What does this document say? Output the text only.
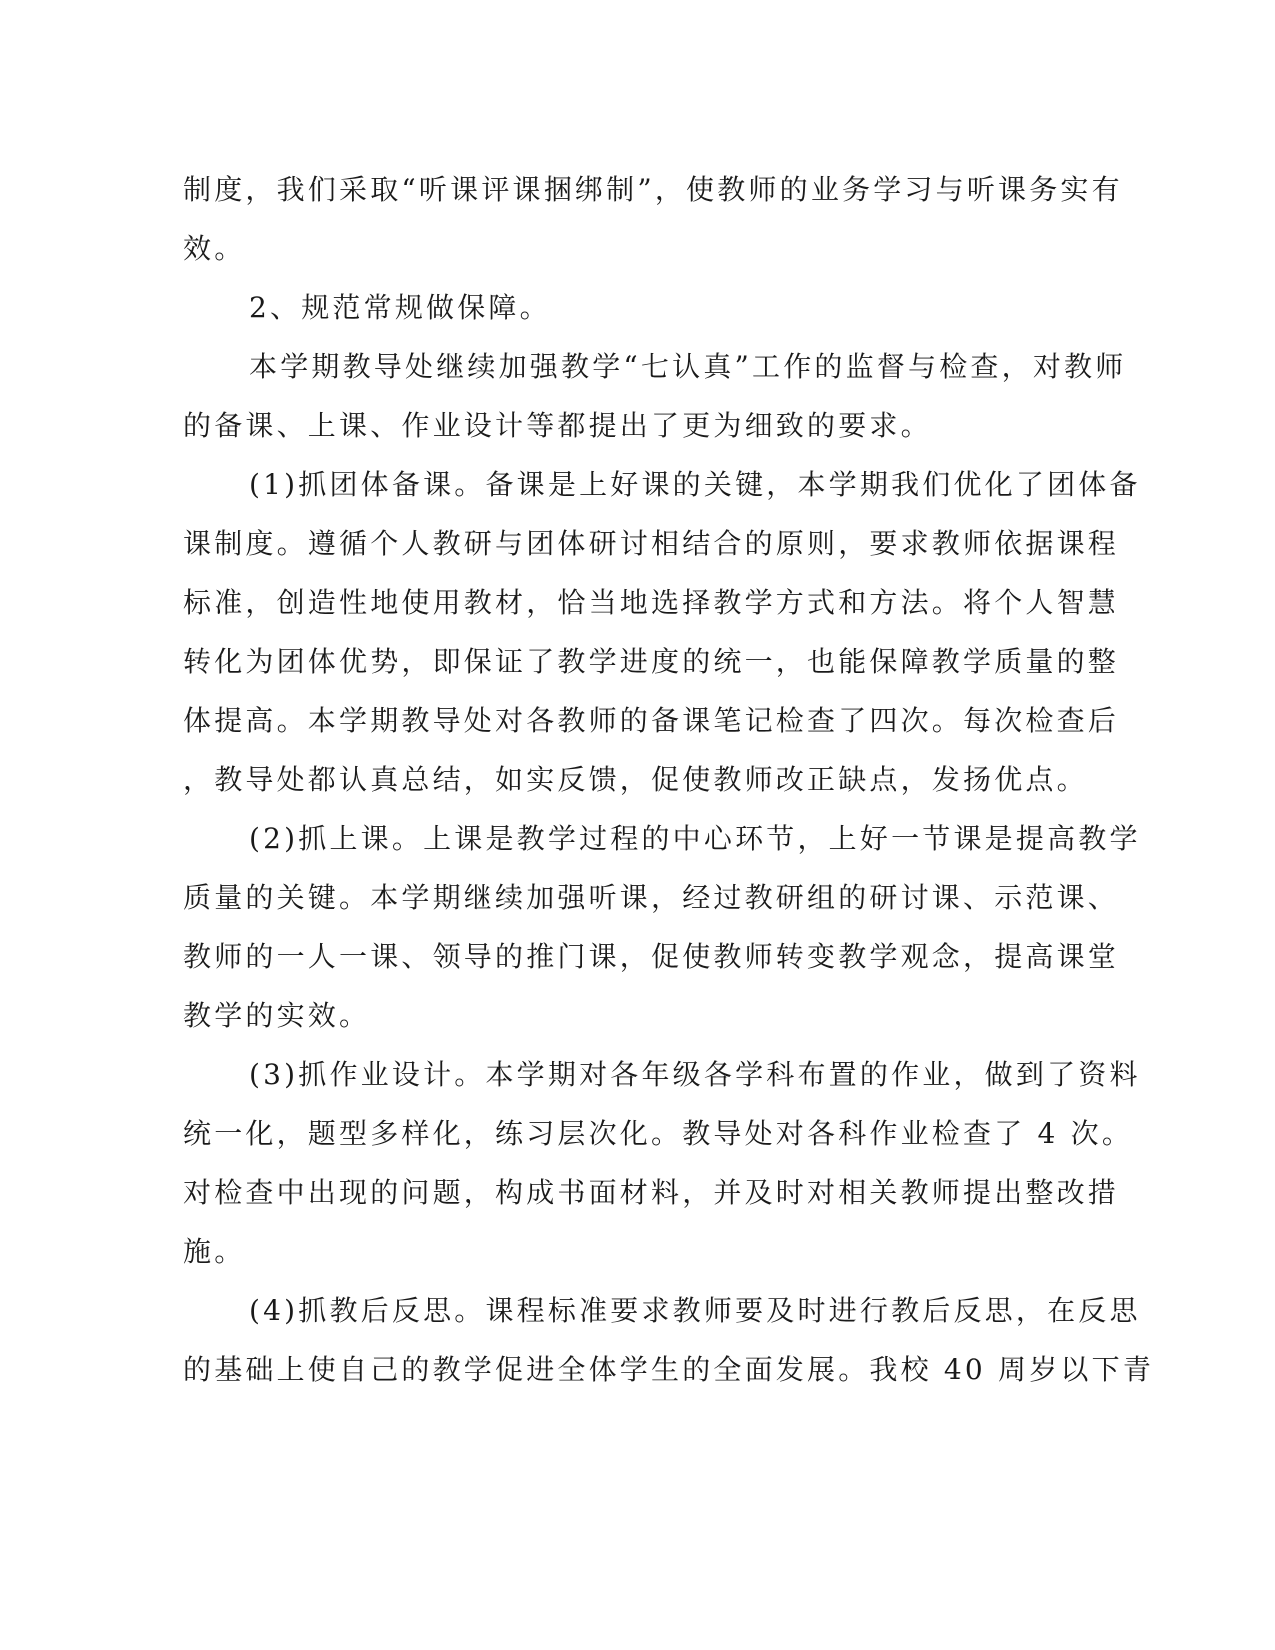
制度，我们采取“听课评课捆绑制”，使教师的业务学习与听课务实有
效。
2、规范常规做保障。
本学期教导处继续加强教学“七认真”工作的监督与检查，对教师
的备课、上课、作业设计等都提出了更为细致的要求。
(1)抓团体备课。备课是上好课的关键，本学期我们优化了团体备
课制度。遵循个人教研与团体研讨相结合的原则，要求教师依据课程
标准，创造性地使用教材，恰当地选择教学方式和方法。将个人智慧
转化为团体优势，即保证了教学进度的统一，也能保障教学质量的整
体提高。本学期教导处对各教师的备课笔记检查了四次。每次检查后
，教导处都认真总结，如实反馈，促使教师改正缺点，发扬优点。
(2)抓上课。上课是教学过程的中心环节，上好一节课是提高教学
质量的关键。本学期继续加强听课，经过教研组的研讨课、示范课、
教师的一人一课、领导的推门课，促使教师转变教学观念，提高课堂
教学的实效。
(3)抓作业设计。本学期对各年级各学科布置的作业，做到了资料
统一化，题型多样化，练习层次化。教导处对各科作业检查了 4 次。
对检查中出现的问题，构成书面材料，并及时对相关教师提出整改措
施。
(4)抓教后反思。课程标准要求教师要及时进行教后反思，在反思
的基础上使自己的教学促进全体学生的全面发展。我校 40 周岁以下青
